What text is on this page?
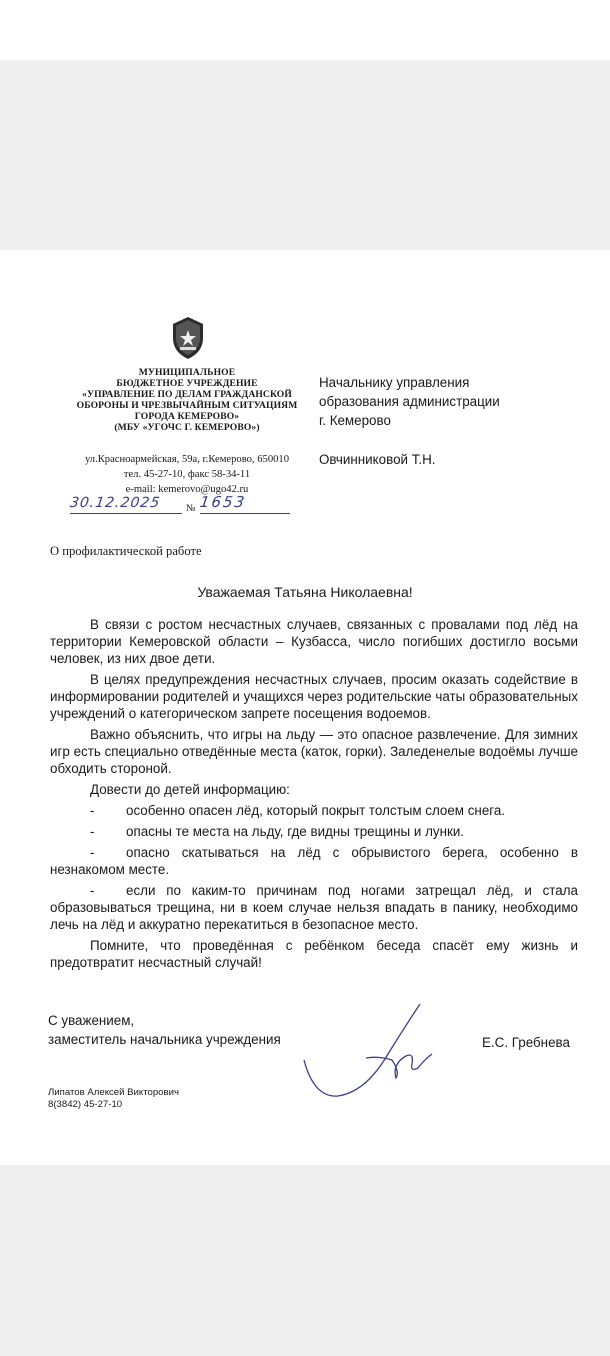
МУНИЦИПАЛЬНОЕ
БЮДЖЕТНОЕ УЧРЕЖДЕНИЕ
«УПРАВЛЕНИЕ ПО ДЕЛАМ ГРАЖДАНСКОЙ
ОБОРОНЫ И ЧРЕЗВЫЧАЙНЫМ СИТУАЦИЯМ
ГОРОДА КЕМЕРОВО»
(МБУ «УГОЧС Г. КЕМЕРОВО»)
ул.Красноармейская, 59а, г.Кемерово, 650010
тел. 45-27-10, факс 58-34-11
e-mail: kemerovo@ugo42.ru
30.12.2025 № 1653
Начальнику управления
образования администрации
г. Кемерово
Овчинниковой Т.Н.
О профилактической работе
Уважаемая Татьяна Николаевна!

В связи с ростом несчастных случаев, связанных с провалами под лёд на территории Кемеровской области – Кузбасса, число погибших достигло восьми человек, из них двое дети.

В целях предупреждения несчастных случаев, просим оказать содействие в информировании родителей и учащихся через родительские чаты образовательных учреждений о категорическом запрете посещения водоемов.

Важно объяснить, что игры на льду — это опасное развлечение. Для зимних игр есть специально отведённые места (каток, горки). Заледенелые водоёмы лучше обходить стороной.

Довести до детей информацию:

- особенно опасен лёд, который покрыт толстым слоем снега.

- опасны те места на льду, где видны трещины и лунки.

- опасно скатываться на лёд с обрывистого берега, особенно в незнакомом месте.

- если по каким-то причинам под ногами затрещал лёд, и стала образовываться трещина, ни в коем случае нельзя впадать в панику, необходимо лечь на лёд и аккуратно перекатиться в безопасное место.

Помните, что проведённая с ребёнком беседа спасёт ему жизнь и предотвратит несчастный случай!

С уважением,
заместитель начальника учреждения	Е.С. Гребнева
Липатов Алексей Викторович
8(3842) 45-27-10
